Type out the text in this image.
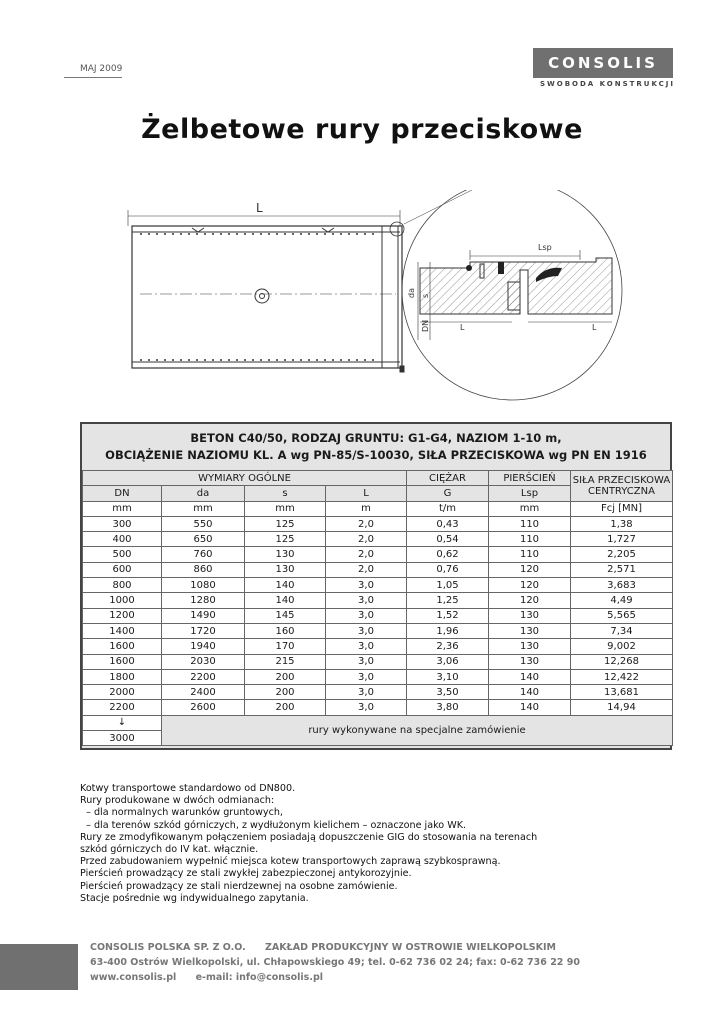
MAJ 2009	CONSOLIS
SWOBODA KONSTRUKCJI
Żelbetowe rury przeciskowe
L
Lsp
da s
DN	L	L
BETON C40/50, RODZAJ GRUNTU: G1-G4, NAZIOM 1-10 m,
OBCIĄŻENIE NAZIOMU KL. A wg PN-85/S-10030, SIŁA PRZECISKOWA wg PN EN 1916
WYMIARY OGÓLNE				CIĘŻAR	PIERŚCIEŃ	SIŁA PRZECISKOWA CENTRYCZNA
DN	da	s	L	G	Lsp	
mm	mm	mm	m	t/m	mm	Fcj [MN]
300	550	125	2,0	0,43	110	1,38
400	650	125	2,0	0,54	110	1,727
500	760	130	2,0	0,62	110	2,205
600	860	130	2,0	0,76	120	2,571
800	1080	140	3,0	1,05	120	3,683
1000	1280	140	3,0	1,25	120	4,49
1200	1490	145	3,0	1,52	130	5,565
1400	1720	160	3,0	1,96	130	7,34
1600	1940	170	3,0	2,36	130	9,002
1600	2030	215	3,0	3,06	130	12,268
1800	2200	200	3,0	3,10	140	12,422
2000	2400	200	3,0	3,50	140	13,681
2200	2600	200	3,0	3,80	140	14,94
↓	rury wykonywane na specjalne zamówienie					
3000						
Kotwy transportowe standardowo od DN800.
Rury produkowane w dwóch odmianach:
– dla normalnych warunków gruntowych,
– dla terenów szkód górniczych, z wydłużonym kielichem – oznaczone jako WK.
Rury ze zmodyfikowanym połączeniem posiadają dopuszczenie GIG do stosowania na terenach
szkód górniczych do IV kat. włącznie.
Przed zabudowaniem wypełnić miejsca kotew transportowych zaprawą szybkosprawną.
Pierścień prowadzący ze stali zwykłej zabezpieczonej antykorozyjnie.
Pierścień prowadzący ze stali nierdzewnej na osobne zamówienie.
Stacje pośrednie wg indywidualnego zapytania.
CONSOLIS POLSKA SP. Z O.O. ZAKŁAD PRODUKCYJNY W OSTROWIE WIELKOPOLSKIM
63-400 Ostrów Wielkopolski, ul. Chłapowskiego 49; tel. 0-62 736 02 24; fax: 0-62 736 22 90
www.consolis.pl e-mail: info@consolis.pl
